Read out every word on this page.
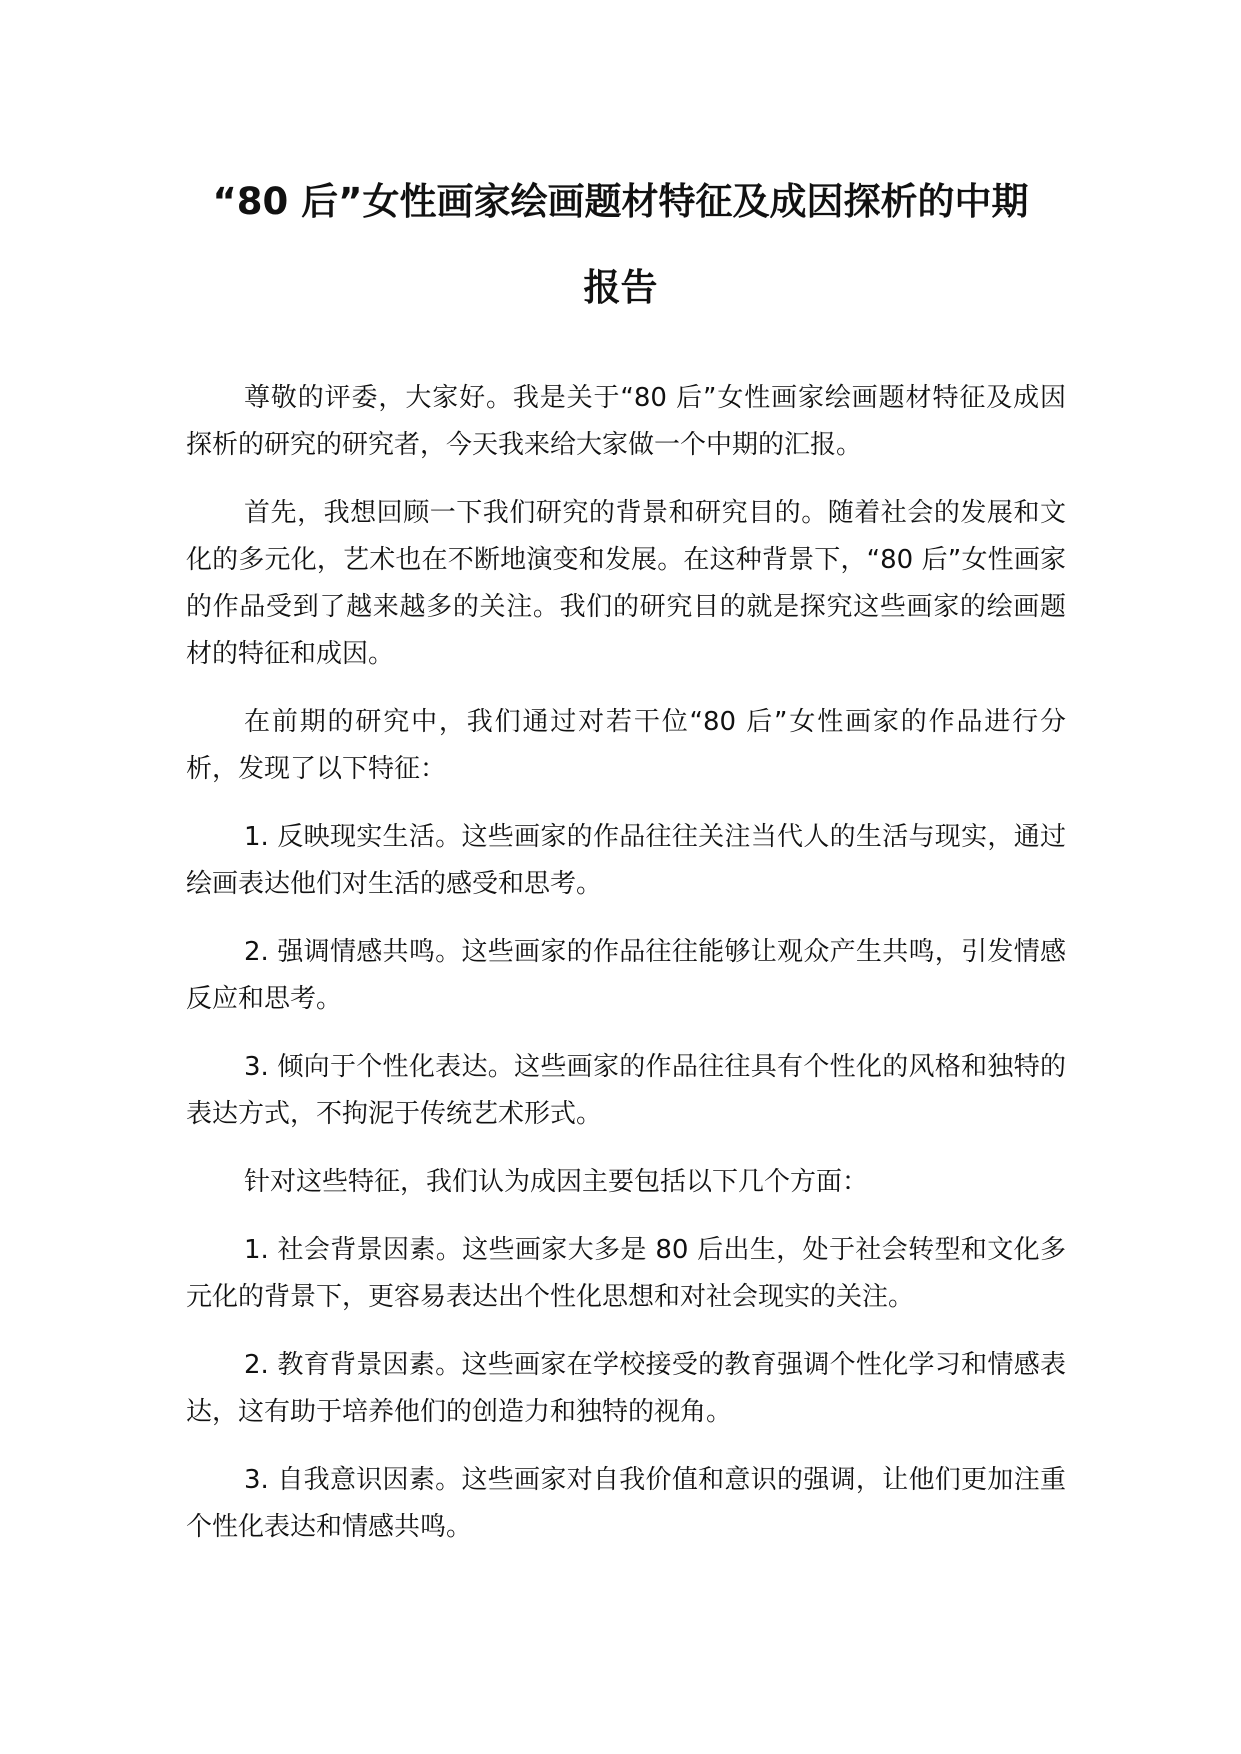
“80 后”女性画家绘画题材特征及成因探析的中期
报告

尊敬的评委，大家好。我是关于“80 后”女性画家绘画题材特征及成因探析的研究的研究者，今天我来给大家做一个中期的汇报。

首先，我想回顾一下我们研究的背景和研究目的。随着社会的发展和文化的多元化，艺术也在不断地演变和发展。在这种背景下，“80 后”女性画家的作品受到了越来越多的关注。我们的研究目的就是探究这些画家的绘画题材的特征和成因。

在前期的研究中，我们通过对若干位“80 后”女性画家的作品进行分析，发现了以下特征：

1. 反映现实生活。这些画家的作品往往关注当代人的生活与现实，通过绘画表达他们对生活的感受和思考。

2. 强调情感共鸣。这些画家的作品往往能够让观众产生共鸣，引发情感反应和思考。

3. 倾向于个性化表达。这些画家的作品往往具有个性化的风格和独特的表达方式，不拘泥于传统艺术形式。

针对这些特征，我们认为成因主要包括以下几个方面：

1. 社会背景因素。这些画家大多是 80 后出生，处于社会转型和文化多元化的背景下，更容易表达出个性化思想和对社会现实的关注。

2. 教育背景因素。这些画家在学校接受的教育强调个性化学习和情感表达，这有助于培养他们的创造力和独特的视角。

3. 自我意识因素。这些画家对自我价值和意识的强调，让他们更加注重个性化表达和情感共鸣。
